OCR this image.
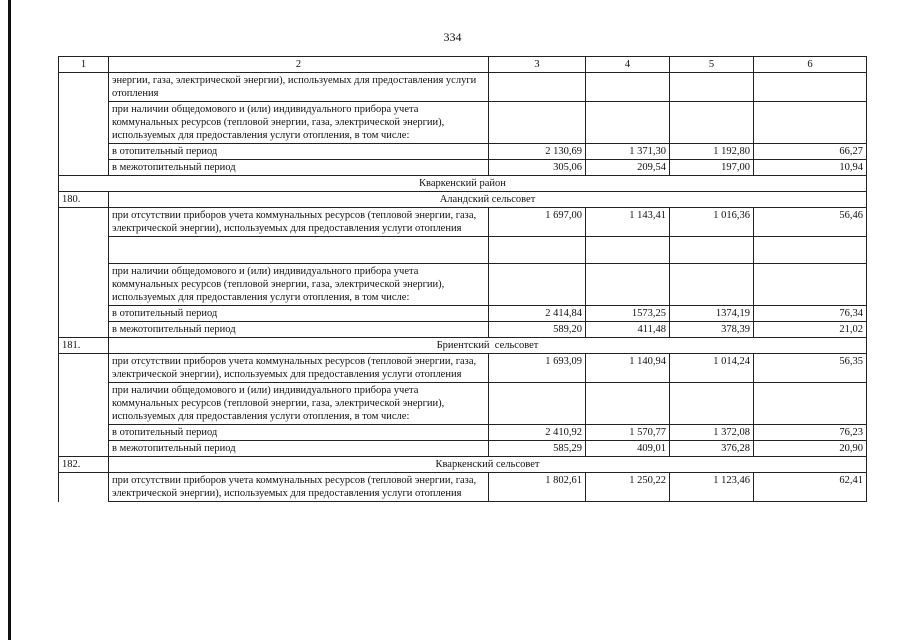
334
1	2	3	4	5	6
	энергии, газа, электрической энергии), используемых для предоставления услуги отопления				
	при наличии общедомового и (или) индивидуального прибора учета коммунальных ресурсов (тепловой энергии, газа, электрической энергии), используемых для предоставления услуги отопления, в том числе:				
	в отопительный период	2 130,69	1 371,30	1 192,80	66,27
	в межотопительный период	305,06	209,54	197,00	10,94
Кваркенский район					
180.	Аландский сельсовет				
	при отсутствии приборов учета коммунальных ресурсов (тепловой энергии, газа, электрической энергии), используемых для предоставления услуги отопления	1 697,00	1 143,41	1 016,36	56,46

	при наличии общедомового и (или) индивидуального прибора учета коммунальных ресурсов (тепловой энергии, газа, электрической энергии), используемых для предоставления услуги отопления, в том числе:				
	в отопительный период	2 414,84	1573,25	1374,19	76,34
	в межотопительный период	589,20	411,48	378,39	21,02
181.	Бриентский  сельсовет				
	при отсутствии приборов учета коммунальных ресурсов (тепловой энергии, газа, электрической энергии), используемых для предоставления услуги отопления	1 693,09	1 140,94	1 014,24	56,35
	при наличии общедомового и (или) индивидуального прибора учета коммунальных ресурсов (тепловой энергии, газа, электрической энергии), используемых для предоставления услуги отопления, в том числе:				
	в отопительный период	2 410,92	1 570,77	1 372,08	76,23
	в межотопительный период	585,29	409,01	376,28	20,90
182.	Кваркенский сельсовет				
	при отсутствии приборов учета коммунальных ресурсов (тепловой энергии, газа, электрической энергии), используемых для предоставления услуги отопления	1 802,61	1 250,22	1 123,46	62,41
